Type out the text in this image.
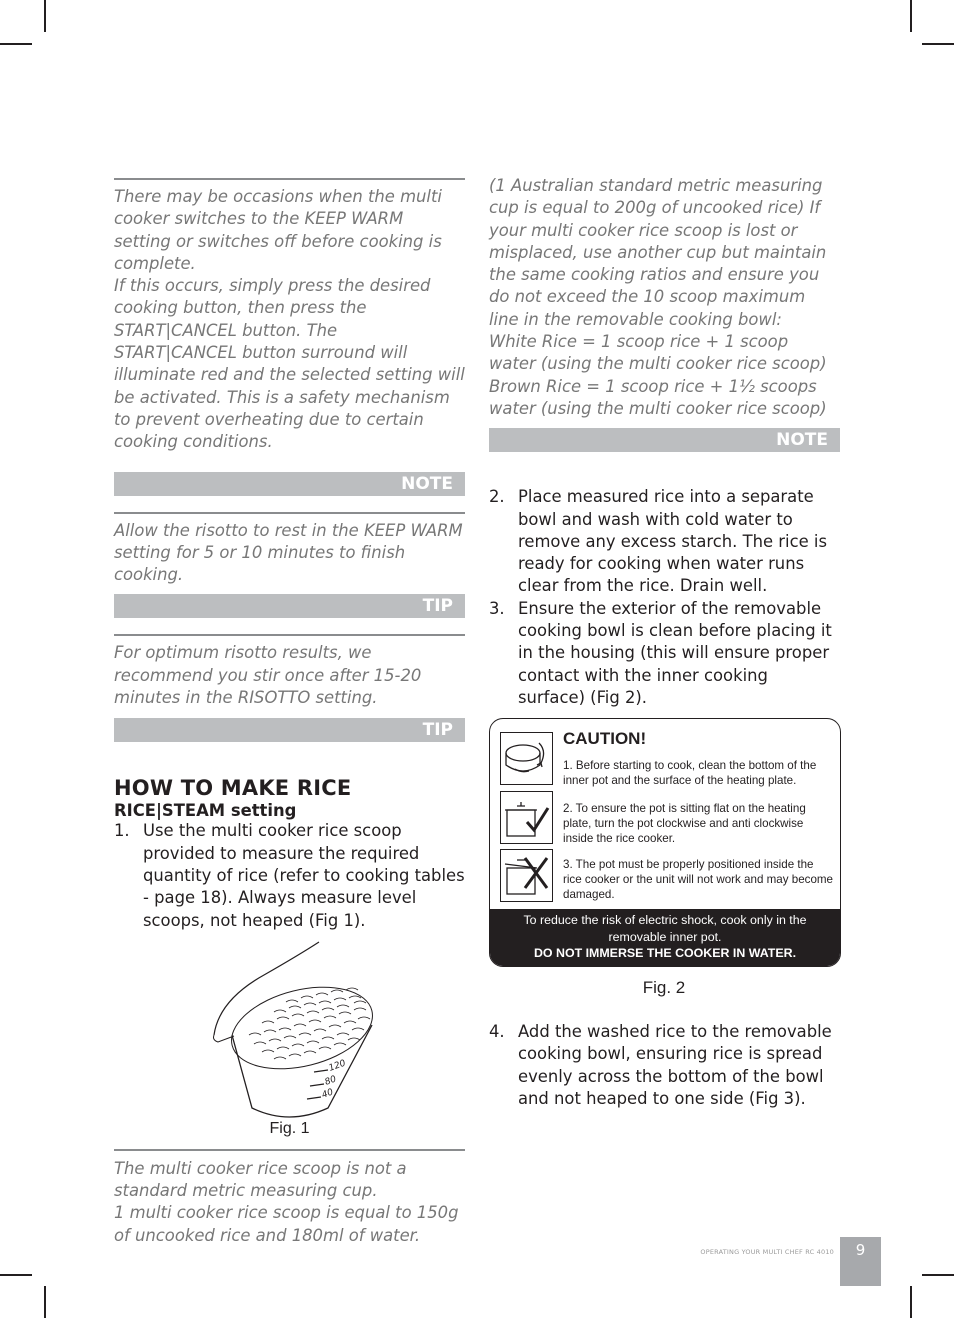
There may be occasions when the multi cooker switches to the KEEP WARM setting or switches off before cooking is complete.
If this occurs, simply press the desired cooking button, then press the START|CANCEL button. The START|CANCEL button surround will illuminate red and the selected setting will be activated. This is a safety mechanism to prevent overheating due to certain cooking conditions.

NOTE

Allow the risotto to rest in the KEEP WARM setting for 5 or 10 minutes to finish cooking.

TIP

For optimum risotto results, we recommend you stir once after 15-20 minutes in the RISOTTO setting.

TIP
HOW TO MAKE RICE
RICE|STEAM setting
1. Use the multi cooker rice scoop provided to measure the required quantity of rice (refer to cooking tables - page 18). Always measure level scoops, not heaped (Fig 1).
120
80
40
Fig. 1

The multi cooker rice scoop is not a standard metric measuring cup.
1 multi cooker rice scoop is equal to 150g of uncooked rice and 180ml of water.

(1 Australian standard metric measuring cup is equal to 200g of uncooked rice) If your multi cooker rice scoop is lost or misplaced, use another cup but maintain the same cooking ratios and ensure you do not exceed the 10 scoop maximum line in the removable cooking bowl:
White Rice = 1 scoop rice + 1 scoop water (using the multi cooker rice scoop)
Brown Rice = 1 scoop rice + 1½ scoops water (using the multi cooker rice scoop)

NOTE
2. Place measured rice into a separate bowl and wash with cold water to remove any excess starch. The rice is ready for cooking when water runs clear from the rice. Drain well.
3. Ensure the exterior of the removable cooking bowl is clean before placing it in the housing (this will ensure proper contact with the inner cooking surface) (Fig 2).
CAUTION!
1. Before starting to cook, clean the bottom of the inner pot and the surface of the heating plate.
2. To ensure the pot is sitting flat on the heating plate, turn the pot clockwise and anti clockwise inside the rice cooker.
3. The pot must be properly positioned inside the rice cooker or the unit will not work and may become damaged.
To reduce the risk of electric shock, cook only in the removable inner pot.
DO NOT IMMERSE THE COOKER IN WATER.
Fig. 2
4. Add the washed rice to the removable cooking bowl, ensuring rice is spread evenly across the bottom of the bowl and not heaped to one side (Fig 3).
OPERATING YOUR MULTI CHEF RC 4010	9
